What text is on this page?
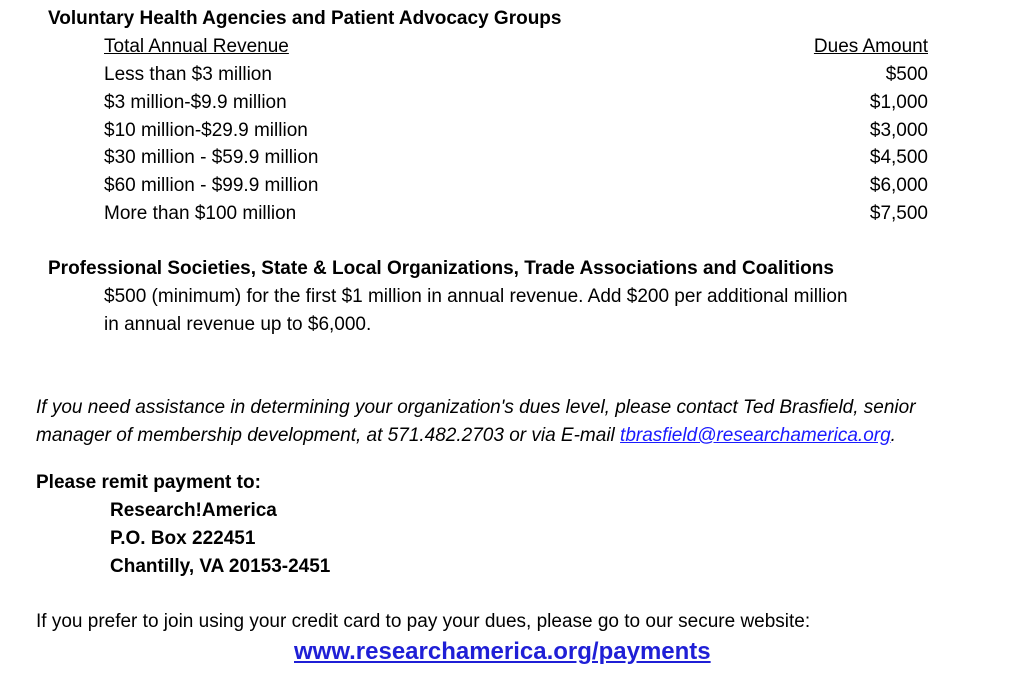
Voluntary Health Agencies and Patient Advocacy Groups
Total Annual Revenue	Dues Amount
Less than $3 million	$500
$3 million-$9.9 million	$1,000
$10 million-$29.9 million	$3,000
$30 million - $59.9 million	$4,500
$60 million - $99.9 million	$6,000
More than $100 million	$7,500
Professional Societies, State & Local Organizations, Trade Associations and Coalitions
$500 (minimum) for the first $1 million in annual revenue. Add $200 per additional million
in annual revenue up to $6,000.
If you need assistance in determining your organization's dues level, please contact Ted Brasfield, senior
manager of membership development, at 571.482.2703 or via E-mail tbrasfield@researchamerica.org.
Please remit payment to:
Research!America
P.O. Box 222451
Chantilly, VA 20153-2451
If you prefer to join using your credit card to pay your dues, please go to our secure website:
www.researchamerica.org/payments
